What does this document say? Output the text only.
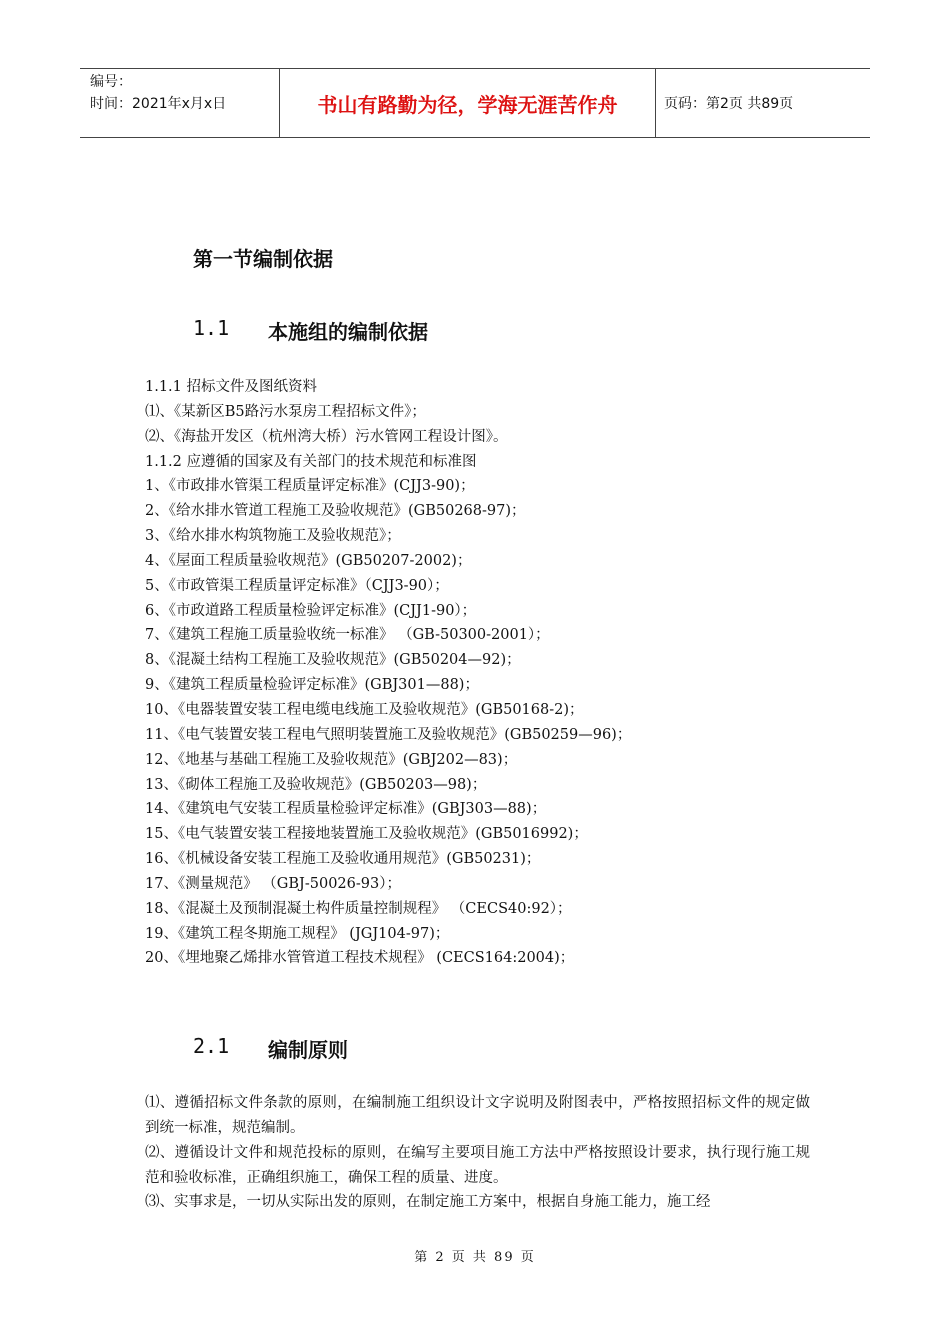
编号：
时间：2021年x月x日	书山有路勤为径，学海无涯苦作舟	页码：第2页 共89页
第一节编制依据
1.1	本施组的编制依据
1.1.1 招标文件及图纸资料
⑴、《某新区B5路污水泵房工程招标文件》；
⑵、《海盐开发区（杭州湾大桥）污水管网工程设计图》。
1.1.2 应遵循的国家及有关部门的技术规范和标准图
1、《市政排水管渠工程质量评定标准》(CJJ3-90)；
2、《给水排水管道工程施工及验收规范》(GB50268-97)；
3、《给水排水构筑物施工及验收规范》；
4、《屋面工程质量验收规范》(GB50207-2002)；
5、《市政管渠工程质量评定标准》（CJJ3-90）；
6、《市政道路工程质量检验评定标准》(CJJ1-90）；
7、《建筑工程施工质量验收统一标准》 （GB-50300-2001）；
8、《混凝土结构工程施工及验收规范》(GB50204—92)；
9、《建筑工程质量检验评定标准》(GBJ301—88)；
10、《电器装置安装工程电缆电线施工及验收规范》(GB50168-2)；
11、《电气装置安装工程电气照明装置施工及验收规范》(GB50259—96)；
12、《地基与基础工程施工及验收规范》(GBJ202—83)；
13、《砌体工程施工及验收规范》(GB50203—98)；
14、《建筑电气安装工程质量检验评定标准》(GBJ303—88)；
15、《电气装置安装工程接地装置施工及验收规范》(GB5016992)；
16、《机械设备安装工程施工及验收通用规范》(GB50231)；
17、《测量规范》 （GBJ-50026-93）；
18、《混凝土及预制混凝土构件质量控制规程》 （CECS40:92）；
19、《建筑工程冬期施工规程》 (JGJ104-97)；
20、《埋地聚乙烯排水管管道工程技术规程》 (CECS164:2004)；
2.1	编制原则

⑴、遵循招标文件条款的原则，在编制施工组织设计文字说明及附图表中，严格按照招标文件的规定做到统一标准，规范编制。

⑵、遵循设计文件和规范投标的原则，在编写主要项目施工方法中严格按照设计要求，执行现行施工规范和验收标准，正确组织施工，确保工程的质量、进度。

⑶、实事求是，一切从实际出发的原则，在制定施工方案中，根据自身施工能力，施工经

第 2 页 共 89 页
